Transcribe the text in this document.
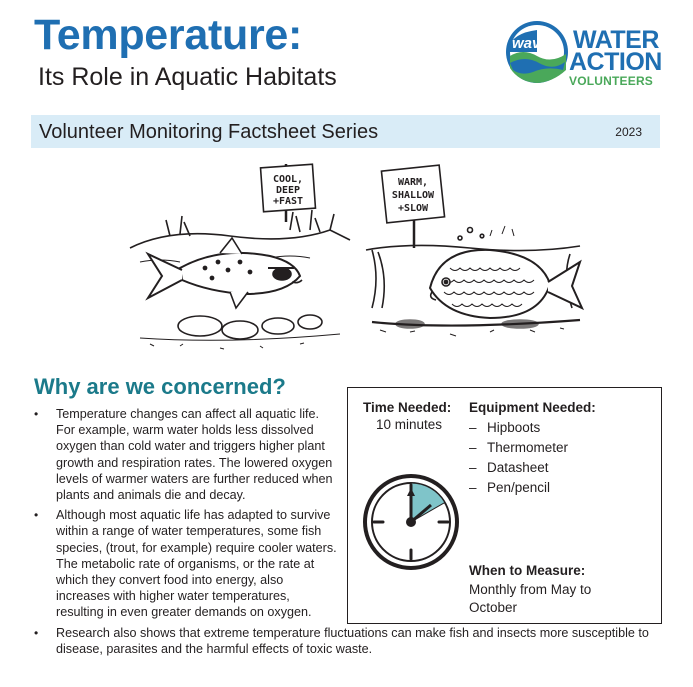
Temperature:
Its Role in Aquatic Habitats
wav WATER
ACTION
VOLUNTEERS
Volunteer Monitoring Factsheet Series	2023
COOL,
DEEP
+FAST
WARM,
SHALLOW
+SLOW
Why are we concerned?
• Temperature changes can affect all aquatic life. For example, warm water holds less dissolved oxygen than cold water and triggers higher plant growth and respiration rates. The lowered oxygen levels of warmer waters are further reduced when plants and animals die and decay.
• Although most aquatic life has adapted to survive within a range of water temperatures, some fish species, (trout, for example) require cooler waters. The metabolic rate of organisms, or the rate at which they convert food into energy, also increases with higher water temperatures, resulting in even greater demands on oxygen.
• Research also shows that extreme temperature fluctuations can make fish and insects more susceptible to disease, parasites and the harmful effects of toxic waste.
Time Needed:
10 minutes
Equipment Needed:
– Hipboots
– Thermometer
– Datasheet
– Pen/pencil
When to Measure:
Monthly from May to October
